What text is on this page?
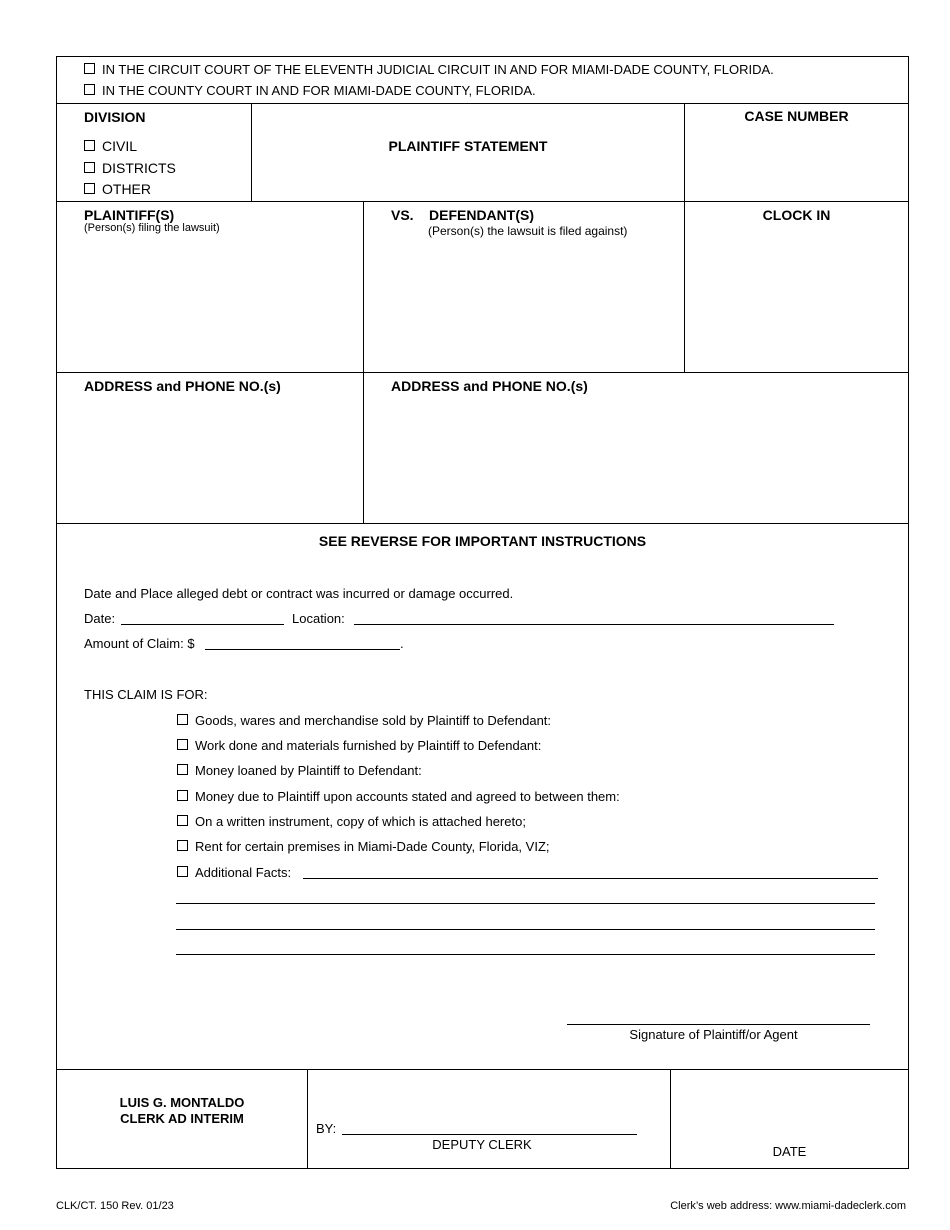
IN THE CIRCUIT COURT OF THE ELEVENTH JUDICIAL CIRCUIT IN AND FOR MIAMI-DADE COUNTY, FLORIDA.
IN THE COUNTY COURT IN AND FOR MIAMI-DADE COUNTY, FLORIDA.
DIVISION
CIVIL
DISTRICTS
OTHER
PLAINTIFF STATEMENT
CASE NUMBER
PLAINTIFF(S)
(Person(s) filing the lawsuit)
VS. DEFENDANT(S)
(Person(s) the lawsuit is filed against)
CLOCK IN
ADDRESS and PHONE NO.(s)	ADDRESS and PHONE NO.(s)
SEE REVERSE FOR IMPORTANT INSTRUCTIONS
Date and Place alleged debt or contract was incurred or damage occurred.
Date:	Location:
Amount of Claim: $	.
THIS CLAIM IS FOR:
Goods, wares and merchandise sold by Plaintiff to Defendant:
Work done and materials furnished by Plaintiff to Defendant:
Money loaned by Plaintiff to Defendant:
Money due to Plaintiff upon accounts stated and agreed to between them:
On a written instrument, copy of which is attached hereto;
Rent for certain premises in Miami-Dade County, Florida, VIZ;
Additional Facts:
Signature of Plaintiff/or Agent
LUIS G. MONTALDO
CLERK AD INTERIM
BY:
DEPUTY CLERK	DATE
CLK/CT. 150 Rev. 01/23	Clerk’s web address: www.miami-dadeclerk.com
